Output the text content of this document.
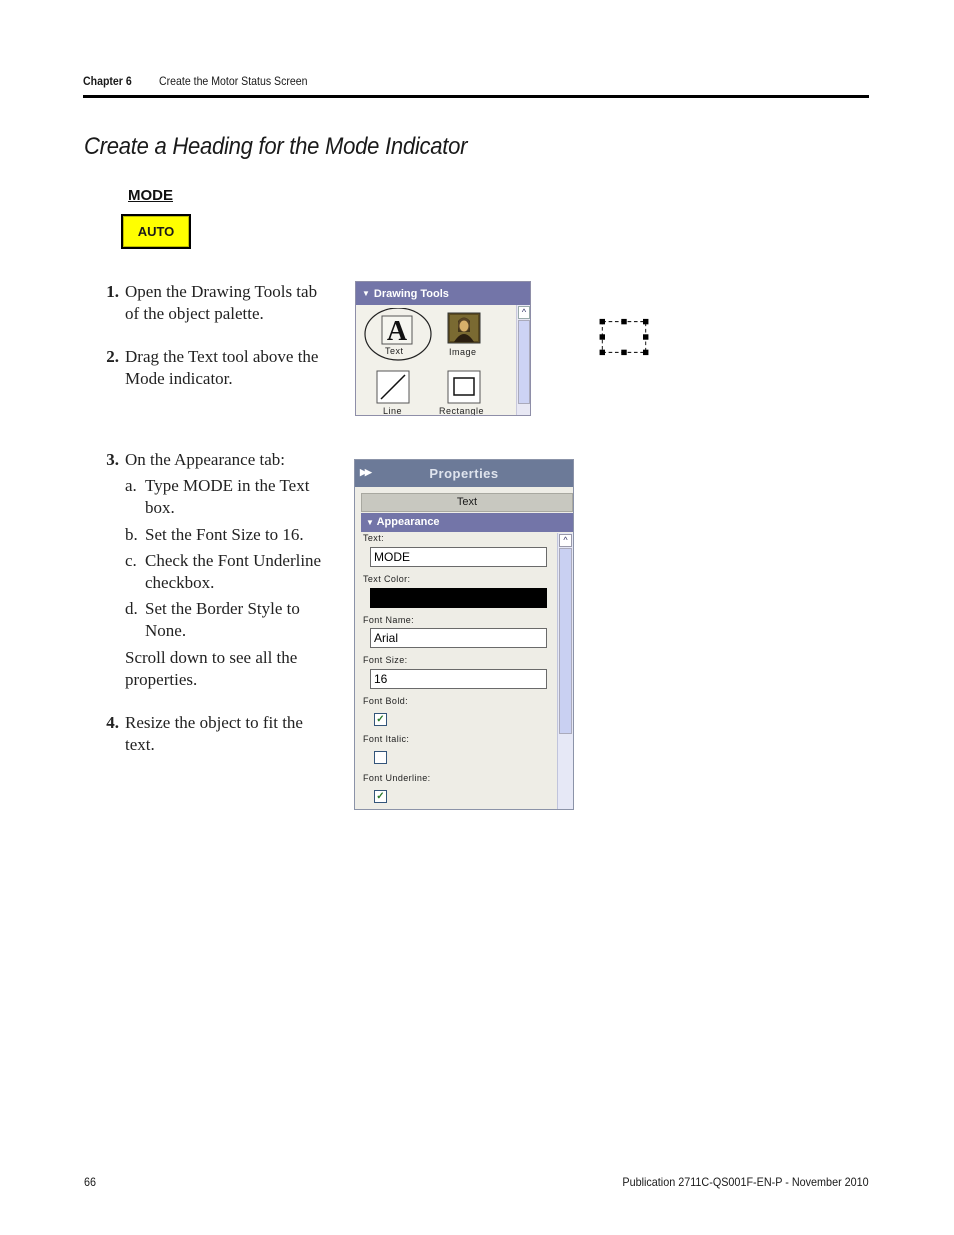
Chapter 6 Create the Motor Status Screen
Create a Heading for the Mode Indicator
MODE
AUTO
1. Open the Drawing Tools tab
of the object palette.
2. Drag the Text tool above the
Mode indicator.
▼ Drawing Tools
A
Text	Image
Line	Rectangle
^
3. On the Appearance tab:
a. Type MODE in the Text
box.
b. Set the Font Size to 16.
c. Check the Font Underline
checkbox.
d. Set the Border Style to
None.
Scroll down to see all the
properties.
4. Resize the object to fit the
text.
▶▶	Properties
Text
▼ Appearance
Text:
MODE
Text Color:
Font Name:
Arial
Font Size:
16
Font Bold:
✓
Font Italic:
Font Underline:
✓
^
66	Publication 2711C-QS001F-EN-P - November 2010
